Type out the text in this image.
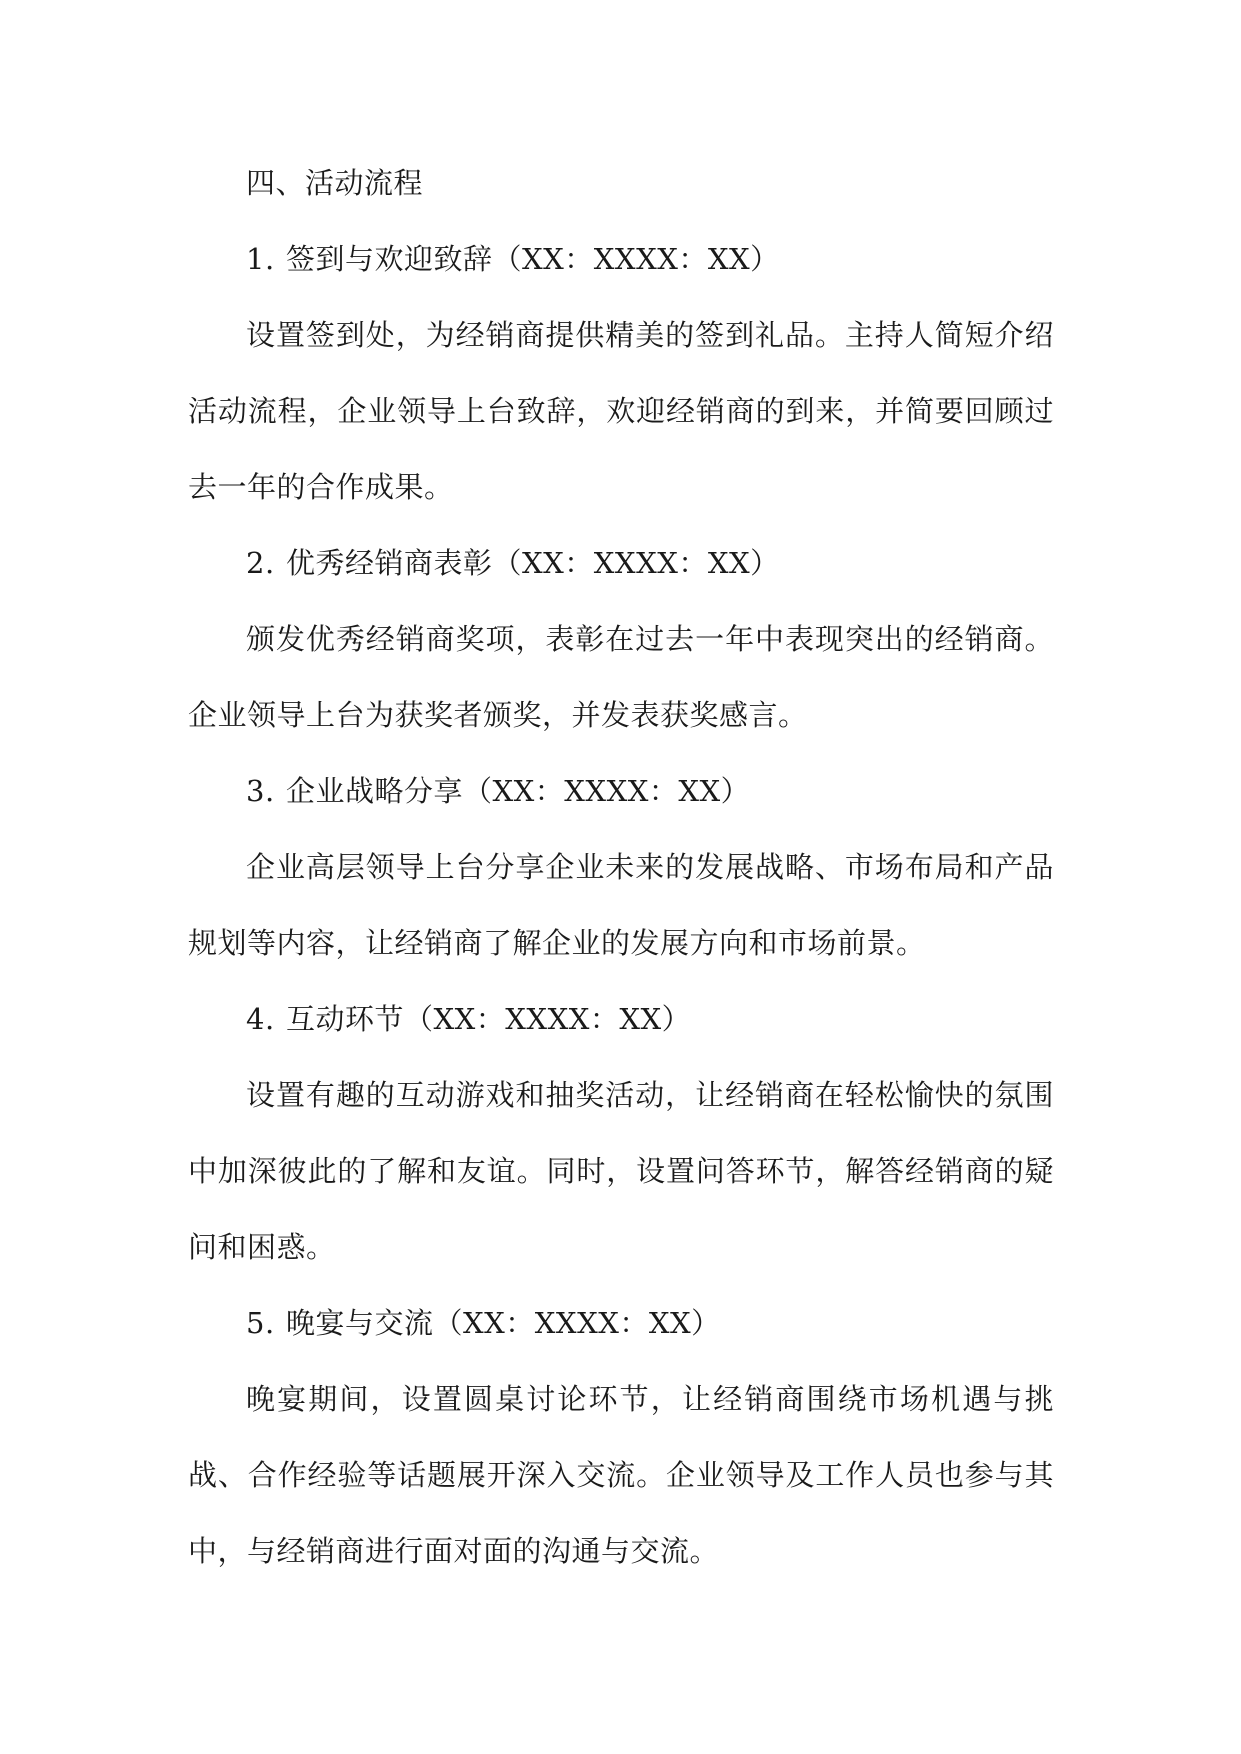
四、活动流程

1. 签到与欢迎致辞（XX：XXXX：XX）

设置签到处，为经销商提供精美的签到礼品。主持人简短介绍活动流程，企业领导上台致辞，欢迎经销商的到来，并简要回顾过去一年的合作成果。

2. 优秀经销商表彰（XX：XXXX：XX）

颁发优秀经销商奖项，表彰在过去一年中表现突出的经销商。企业领导上台为获奖者颁奖，并发表获奖感言。

3. 企业战略分享（XX：XXXX：XX）

企业高层领导上台分享企业未来的发展战略、市场布局和产品规划等内容，让经销商了解企业的发展方向和市场前景。

4. 互动环节（XX：XXXX：XX）

设置有趣的互动游戏和抽奖活动，让经销商在轻松愉快的氛围中加深彼此的了解和友谊。同时，设置问答环节，解答经销商的疑问和困惑。

5. 晚宴与交流（XX：XXXX：XX）

晚宴期间，设置圆桌讨论环节，让经销商围绕市场机遇与挑战、合作经验等话题展开深入交流。企业领导及工作人员也参与其中，与经销商进行面对面的沟通与交流。
